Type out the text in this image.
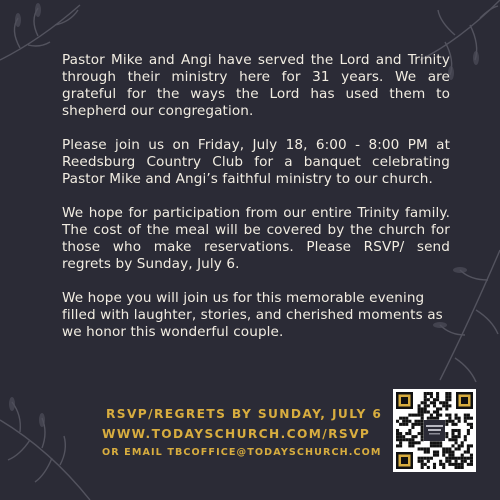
Pastor Mike and Angi have served the Lord and Trinity through their ministry here for 31 years. We are grateful for the ways the Lord has used them to shepherd our congregation.

Please join us on Friday, July 18, 6:00 - 8:00 PM at Reedsburg Country Club for a banquet celebrating Pastor Mike and Angi’s faithful ministry to our church.

We hope for participation from our entire Trinity family. The cost of the meal will be covered by the church for those who make reservations. Please RSVP/ send regrets by Sunday, July 6.

We hope you will join us for this memorable evening filled with laughter, stories, and cherished moments as we honor this wonderful couple.

RSVP/REGRETS BY SUNDAY, JULY 6
WWW.TODAYSCHURCH.COM/RSVP
OR EMAIL TBCOFFICE@TODAYSCHURCH.COM
